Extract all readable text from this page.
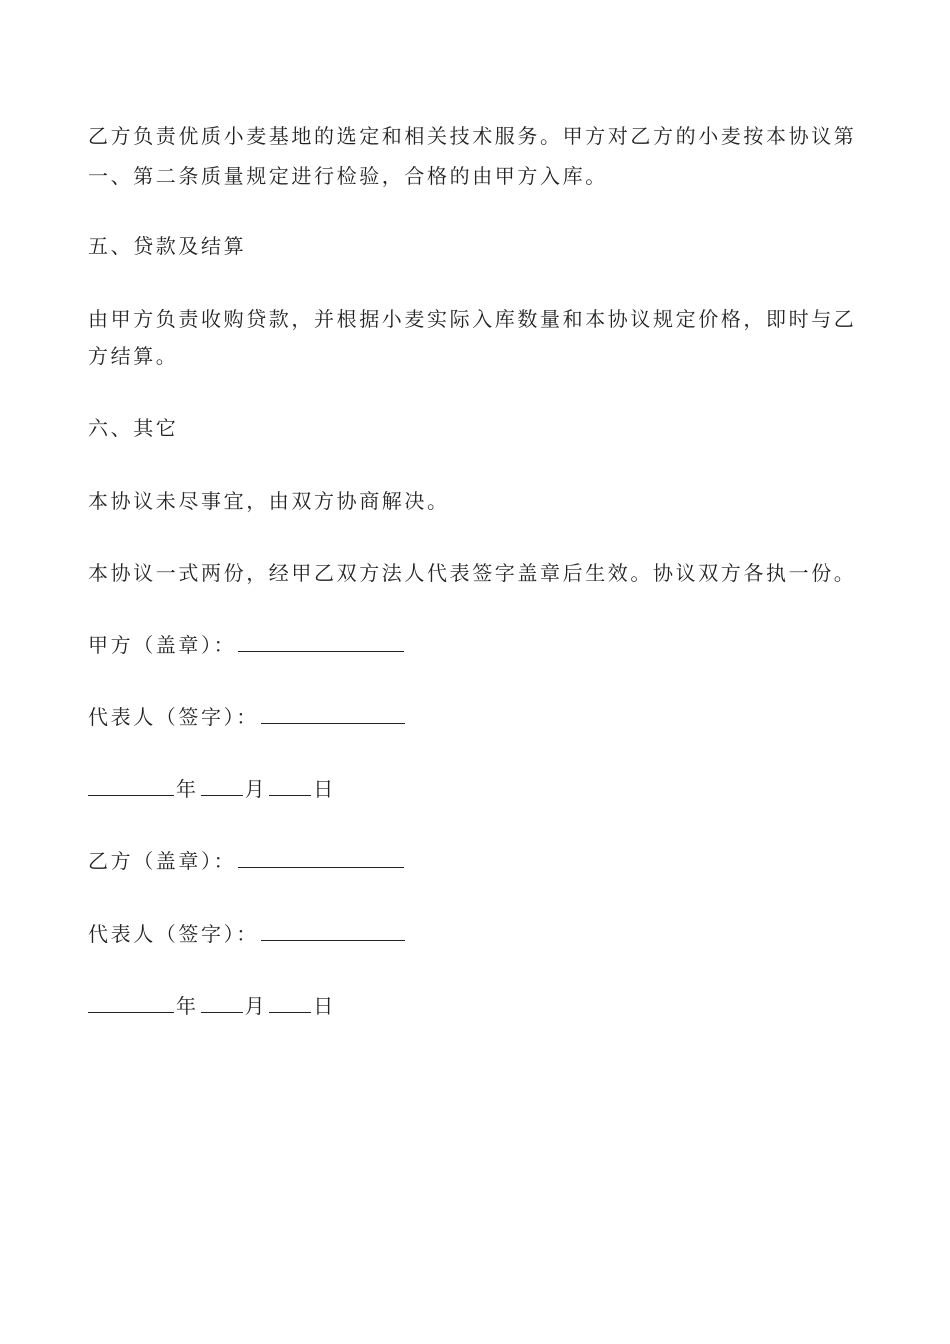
乙方负责优质小麦基地的选定和相关技术服务。甲方对乙方的小麦按本协议第
一、第二条质量规定进行检验，合格的由甲方入库。
五、贷款及结算
由甲方负责收购贷款，并根据小麦实际入库数量和本协议规定价格，即时与乙
方结算。
六、其它
本协议未尽事宜，由双方协商解决。
本协议一式两份，经甲乙双方法人代表签字盖章后生效。协议双方各执一份。
甲方（盖章）：
代表人（签字）：
年 月 日
乙方（盖章）：
代表人（签字）：
年 月 日
